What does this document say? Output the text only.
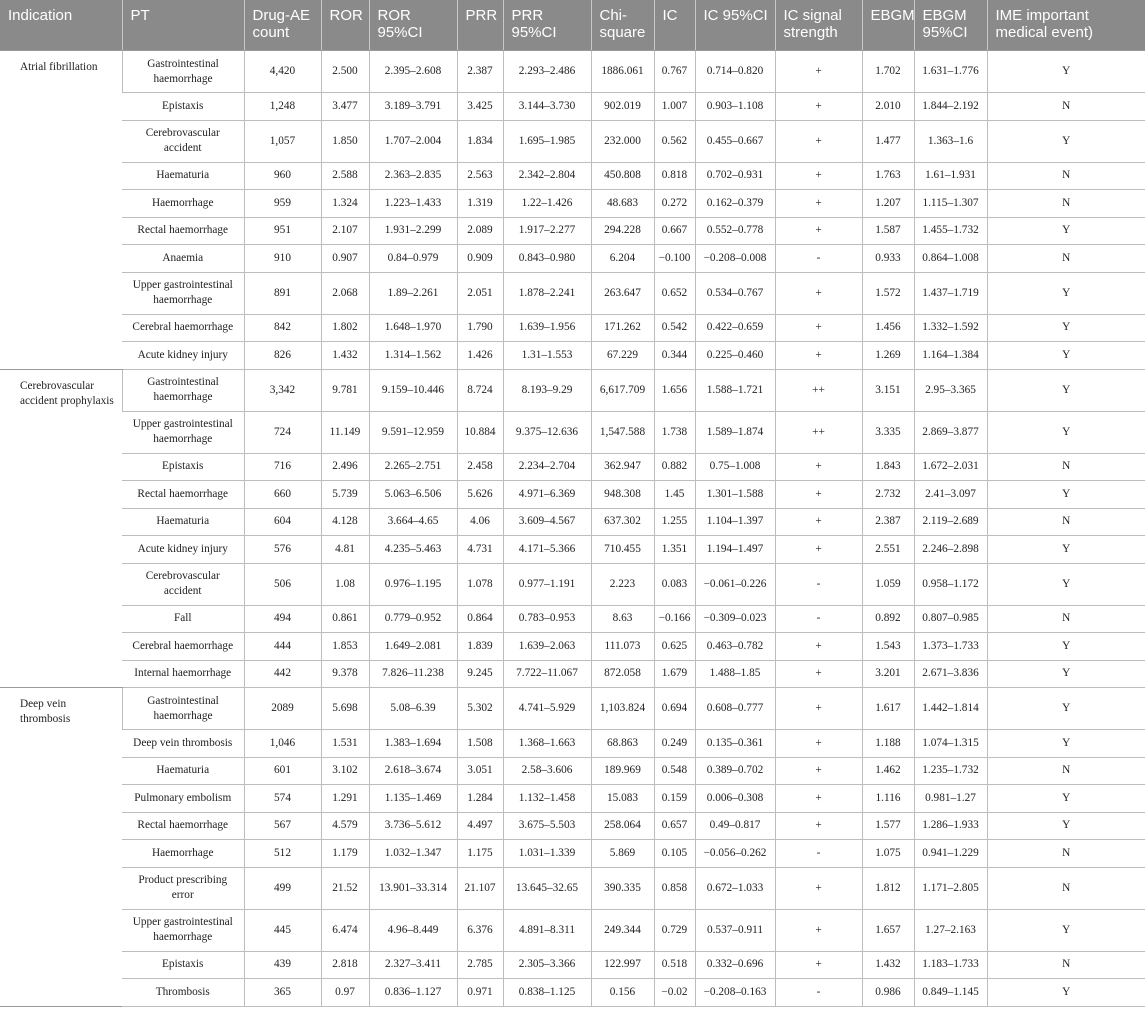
Indication	PT	Drug-AE count	ROR	ROR 95%CI	PRR	PRR 95%CI	Chi-square	IC	IC 95%CI	IC signal strength	EBGM	EBGM 95%CI	IME important medical event)
Atrial fibrillation	Gastrointestinal haemorrhage	4,420	2.500	2.395–2.608	2.387	2.293–2.486	1886.061	0.767	0.714–0.820	+	1.702	1.631–1.776	Y
	Epistaxis	1,248	3.477	3.189–3.791	3.425	3.144–3.730	902.019	1.007	0.903–1.108	+	2.010	1.844–2.192	N
	Cerebrovascular accident	1,057	1.850	1.707–2.004	1.834	1.695–1.985	232.000	0.562	0.455–0.667	+	1.477	1.363–1.6	Y
	Haematuria	960	2.588	2.363–2.835	2.563	2.342–2.804	450.808	0.818	0.702–0.931	+	1.763	1.61–1.931	N
	Haemorrhage	959	1.324	1.223–1.433	1.319	1.22–1.426	48.683	0.272	0.162–0.379	+	1.207	1.115–1.307	N
	Rectal haemorrhage	951	2.107	1.931–2.299	2.089	1.917–2.277	294.228	0.667	0.552–0.778	+	1.587	1.455–1.732	Y
	Anaemia	910	0.907	0.84–0.979	0.909	0.843–0.980	6.204	−0.100	−0.208–0.008	-	0.933	0.864–1.008	N
	Upper gastrointestinal haemorrhage	891	2.068	1.89–2.261	2.051	1.878–2.241	263.647	0.652	0.534–0.767	+	1.572	1.437–1.719	Y
	Cerebral haemorrhage	842	1.802	1.648–1.970	1.790	1.639–1.956	171.262	0.542	0.422–0.659	+	1.456	1.332–1.592	Y
	Acute kidney injury	826	1.432	1.314–1.562	1.426	1.31–1.553	67.229	0.344	0.225–0.460	+	1.269	1.164–1.384	Y
Cerebrovascular accident prophylaxis	Gastrointestinal haemorrhage	3,342	9.781	9.159–10.446	8.724	8.193–9.29	6,617.709	1.656	1.588–1.721	++	3.151	2.95–3.365	Y
	Upper gastrointestinal haemorrhage	724	11.149	9.591–12.959	10.884	9.375–12.636	1,547.588	1.738	1.589–1.874	++	3.335	2.869–3.877	Y
	Epistaxis	716	2.496	2.265–2.751	2.458	2.234–2.704	362.947	0.882	0.75–1.008	+	1.843	1.672–2.031	N
	Rectal haemorrhage	660	5.739	5.063–6.506	5.626	4.971–6.369	948.308	1.45	1.301–1.588	+	2.732	2.41–3.097	Y
	Haematuria	604	4.128	3.664–4.65	4.06	3.609–4.567	637.302	1.255	1.104–1.397	+	2.387	2.119–2.689	N
	Acute kidney injury	576	4.81	4.235–5.463	4.731	4.171–5.366	710.455	1.351	1.194–1.497	+	2.551	2.246–2.898	Y
	Cerebrovascular accident	506	1.08	0.976–1.195	1.078	0.977–1.191	2.223	0.083	−0.061–0.226	-	1.059	0.958–1.172	Y
	Fall	494	0.861	0.779–0.952	0.864	0.783–0.953	8.63	−0.166	−0.309–0.023	-	0.892	0.807–0.985	N
	Cerebral haemorrhage	444	1.853	1.649–2.081	1.839	1.639–2.063	111.073	0.625	0.463–0.782	+	1.543	1.373–1.733	Y
	Internal haemorrhage	442	9.378	7.826–11.238	9.245	7.722–11.067	872.058	1.679	1.488–1.85	+	3.201	2.671–3.836	Y
Deep vein thrombosis	Gastrointestinal haemorrhage	2089	5.698	5.08–6.39	5.302	4.741–5.929	1,103.824	0.694	0.608–0.777	+	1.617	1.442–1.814	Y
	Deep vein thrombosis	1,046	1.531	1.383–1.694	1.508	1.368–1.663	68.863	0.249	0.135–0.361	+	1.188	1.074–1.315	Y
	Haematuria	601	3.102	2.618–3.674	3.051	2.58–3.606	189.969	0.548	0.389–0.702	+	1.462	1.235–1.732	N
	Pulmonary embolism	574	1.291	1.135–1.469	1.284	1.132–1.458	15.083	0.159	0.006–0.308	+	1.116	0.981–1.27	Y
	Rectal haemorrhage	567	4.579	3.736–5.612	4.497	3.675–5.503	258.064	0.657	0.49–0.817	+	1.577	1.286–1.933	Y
	Haemorrhage	512	1.179	1.032–1.347	1.175	1.031–1.339	5.869	0.105	−0.056–0.262	-	1.075	0.941–1.229	N
	Product prescribing error	499	21.52	13.901–33.314	21.107	13.645–32.65	390.335	0.858	0.672–1.033	+	1.812	1.171–2.805	N
	Upper gastrointestinal haemorrhage	445	6.474	4.96–8.449	6.376	4.891–8.311	249.344	0.729	0.537–0.911	+	1.657	1.27–2.163	Y
	Epistaxis	439	2.818	2.327–3.411	2.785	2.305–3.366	122.997	0.518	0.332–0.696	+	1.432	1.183–1.733	N
	Thrombosis	365	0.97	0.836–1.127	0.971	0.838–1.125	0.156	−0.02	−0.208–0.163	-	0.986	0.849–1.145	Y
